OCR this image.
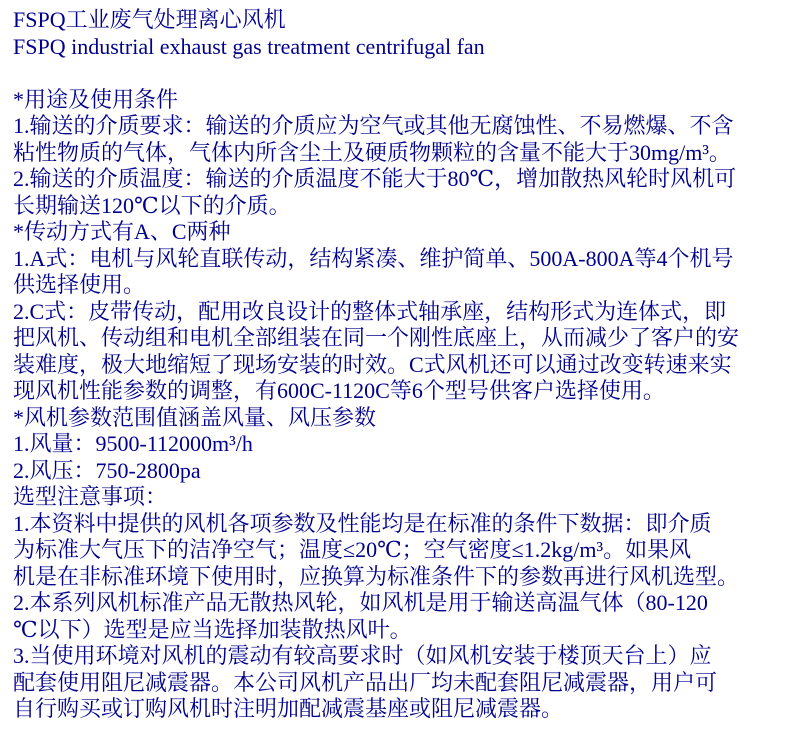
FSPQ工业废气处理离心风机
FSPQ industrial exhaust gas treatment centrifugal fan
*用途及使用条件
1.输送的介质要求：输送的介质应为空气或其他无腐蚀性、不易燃爆、不含
粘性物质的气体，气体内所含尘土及硬质物颗粒的含量不能大于30mg/m³。
2.输送的介质温度：输送的介质温度不能大于80℃，增加散热风轮时风机可
长期输送120℃以下的介质。
*传动方式有A、C两种
1.A式：电机与风轮直联传动，结构紧凑、维护简单、500A-800A等4个机号
供选择使用。
2.C式：皮带传动，配用改良设计的整体式轴承座，结构形式为连体式，即
把风机、传动组和电机全部组装在同一个刚性底座上，从而减少了客户的安
装难度，极大地缩短了现场安装的时效。C式风机还可以通过改变转速来实
现风机性能参数的调整，有600C-1120C等6个型号供客户选择使用。
*风机参数范围值涵盖风量、风压参数
1.风量：9500-112000m³/h
2.风压：750-2800pa
选型注意事项：
1.本资料中提供的风机各项参数及性能均是在标准的条件下数据：即介质
为标准大气压下的洁净空气；温度≤20℃；空气密度≤1.2kg/m³。如果风
机是在非标准环境下使用时，应换算为标准条件下的参数再进行风机选型。
2.本系列风机标准产品无散热风轮，如风机是用于输送高温气体（80-120
℃以下）选型是应当选择加装散热风叶。
3.当使用环境对风机的震动有较高要求时（如风机安装于楼顶天台上）应
配套使用阻尼减震器。本公司风机产品出厂均未配套阻尼减震器，用户可
自行购买或订购风机时注明加配减震基座或阻尼减震器。
